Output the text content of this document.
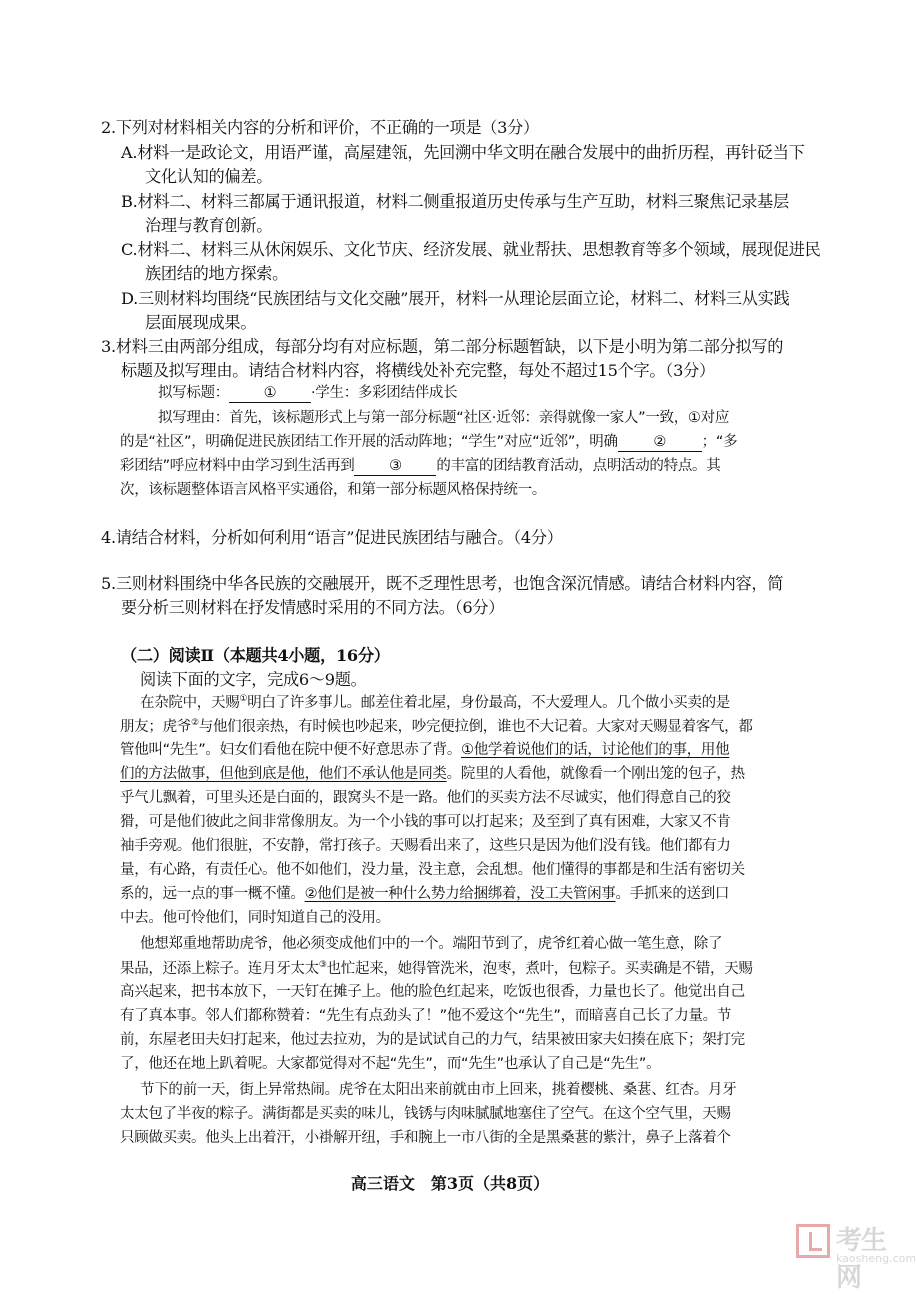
2.下列对材料相关内容的分析和评价，不正确的一项是（3分）
A.材料一是政论文，用语严谨，高屋建瓴，先回溯中华文明在融合发展中的曲折历程，再针砭当下
文化认知的偏差。
B.材料二、材料三都属于通讯报道，材料二侧重报道历史传承与生产互助，材料三聚焦记录基层
治理与教育创新。
C.材料二、材料三从休闲娱乐、文化节庆、经济发展、就业帮扶、思想教育等多个领域，展现促进民
族团结的地方探索。
D.三则材料均围绕“民族团结与文化交融”展开，材料一从理论层面立论，材料二、材料三从实践
层面展现成果。
3.材料三由两部分组成，每部分均有对应标题，第二部分标题暂缺，以下是小明为第二部分拟写的
标题及拟写理由。请结合材料内容，将横线处补充完整，每处不超过15个字。（3分）
拟写标题： ① ·学生：多彩团结伴成长
拟写理由：首先，该标题形式上与第一部分标题“社区·近邻：亲得就像一家人”一致，①对应
的是“社区”，明确促进民族团结工作开展的活动阵地；“学生”对应“近邻”，明确 ② ；“多
彩团结”呼应材料中由学习到生活再到 ③ 的丰富的团结教育活动，点明活动的特点。其
次，该标题整体语言风格平实通俗，和第一部分标题风格保持统一。
4.请结合材料，分析如何利用“语言”促进民族团结与融合。（4分）
5.三则材料围绕中华各民族的交融展开，既不乏理性思考，也饱含深沉情感。请结合材料内容，简
要分析三则材料在抒发情感时采用的不同方法。（6分）
（二）阅读Ⅱ（本题共4小题，16分）
阅读下面的文字，完成6～9题。
在杂院中，天赐①明白了许多事儿。邮差住着北屋，身份最高，不大爱理人。几个做小买卖的是
朋友；虎爷②与他们很亲热，有时候也吵起来，吵完便拉倒，谁也不大记着。大家对天赐显着客气，都
管他叫“先生”。妇女们看他在院中便不好意思赤了背。①他学着说他们的话，讨论他们的事，用他
们的方法做事，但他到底是他，他们不承认他是同类。院里的人看他，就像看一个刚出笼的包子，热
乎气儿飘着，可里头还是白面的，跟窝头不是一路。他们的买卖方法不尽诚实，他们得意自己的狡
猾，可是他们彼此之间非常像朋友。为一个小钱的事可以打起来；及至到了真有困难，大家又不肯
袖手旁观。他们很脏，不安静，常打孩子。天赐看出来了，这些只是因为他们没有钱。他们都有力
量，有心路，有责任心。他不如他们，没力量，没主意，会乱想。他们懂得的事都是和生活有密切关
系的，远一点的事一概不懂。②他们是被一种什么势力给捆绑着，没工夫管闲事。手抓来的送到口
中去。他可怜他们，同时知道自己的没用。
他想郑重地帮助虎爷，他必须变成他们中的一个。端阳节到了，虎爷红着心做一笔生意，除了
果品，还添上粽子。连月牙太太③也忙起来，她得管洗米，泡枣，煮叶，包粽子。买卖确是不错，天赐
高兴起来，把书本放下，一天钉在摊子上。他的脸色红起来，吃饭也很香，力量也长了。他觉出自己
有了真本事。邻人们都称赞着：“先生有点劲头了！”他不爱这个“先生”，而暗喜自己长了力量。节
前，东屋老田夫妇打起来，他过去拉劝，为的是试试自己的力气，结果被田家夫妇揍在底下；架打完
了，他还在地上趴着呢。大家都觉得对不起“先生”，而“先生”也承认了自己是“先生”。
节下的前一天，街上异常热闹。虎爷在太阳出来前就由市上回来，挑着樱桃、桑葚、红杏。月牙
太太包了半夜的粽子。满街都是买卖的味儿，钱锈与肉味腻腻地塞住了空气。在这个空气里，天赐
只顾做买卖。他头上出着汗，小褂解开纽，手和腕上一市八街的全是黑桑葚的紫汁，鼻子上落着个
高三语文　第3页（共8页）
考生网
kaosheng.com
